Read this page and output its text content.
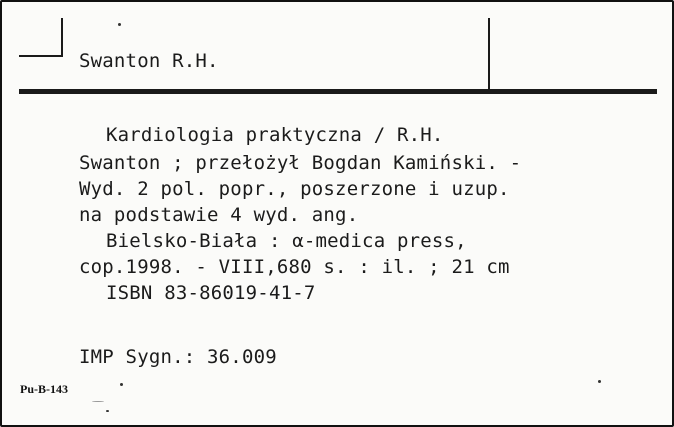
Swanton R.H.
Kardiologia praktyczna / R.H.
Swanton ; przełożył Bogdan Kamiński. -
Wyd. 2 pol. popr., poszerzone i uzup.
na podstawie 4 wyd. ang.
Bielsko-Biała : α-medica press,
cop.1998. - VIII,680 s. : il. ; 21 cm
ISBN 83-86019-41-7
IMP Sygn.: 36.009
Pu-B-143
